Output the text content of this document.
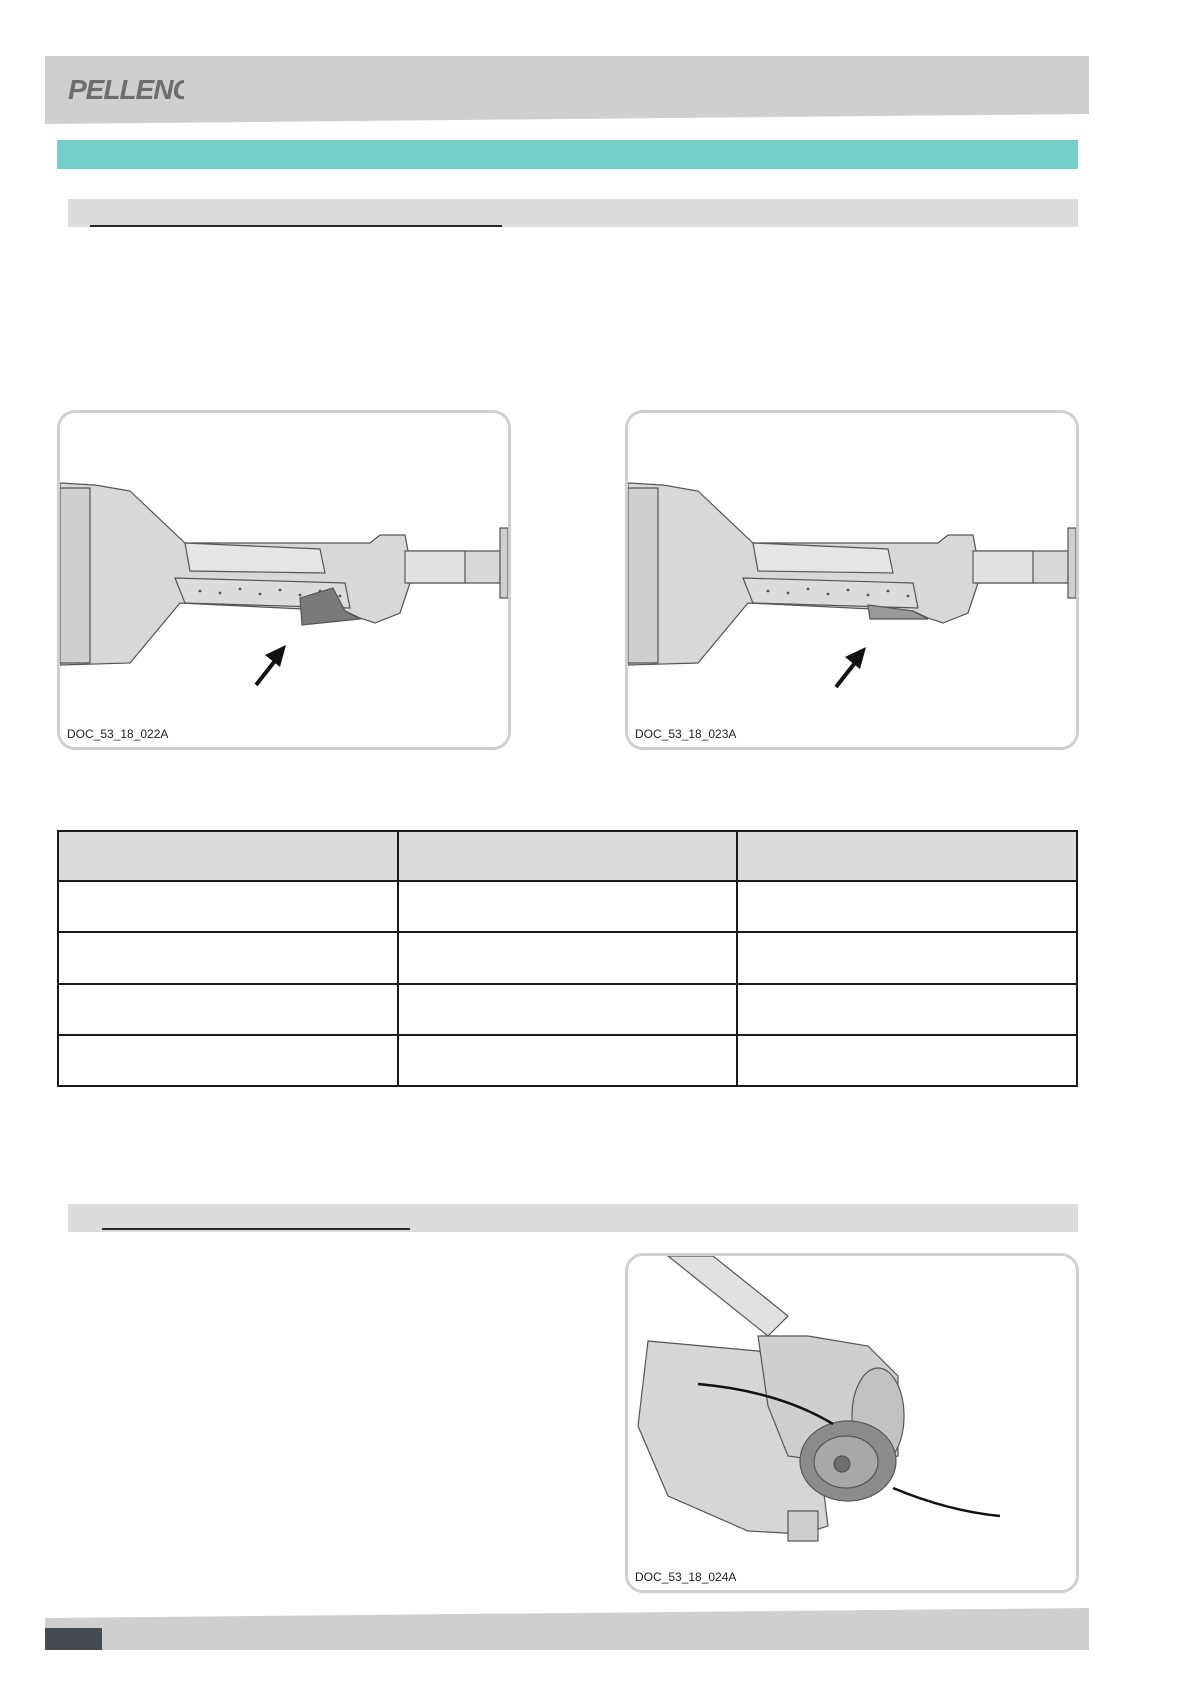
PELLENC
DOC_53_18_022A	DOC_53_18_023A

DOC_53_18_024A
